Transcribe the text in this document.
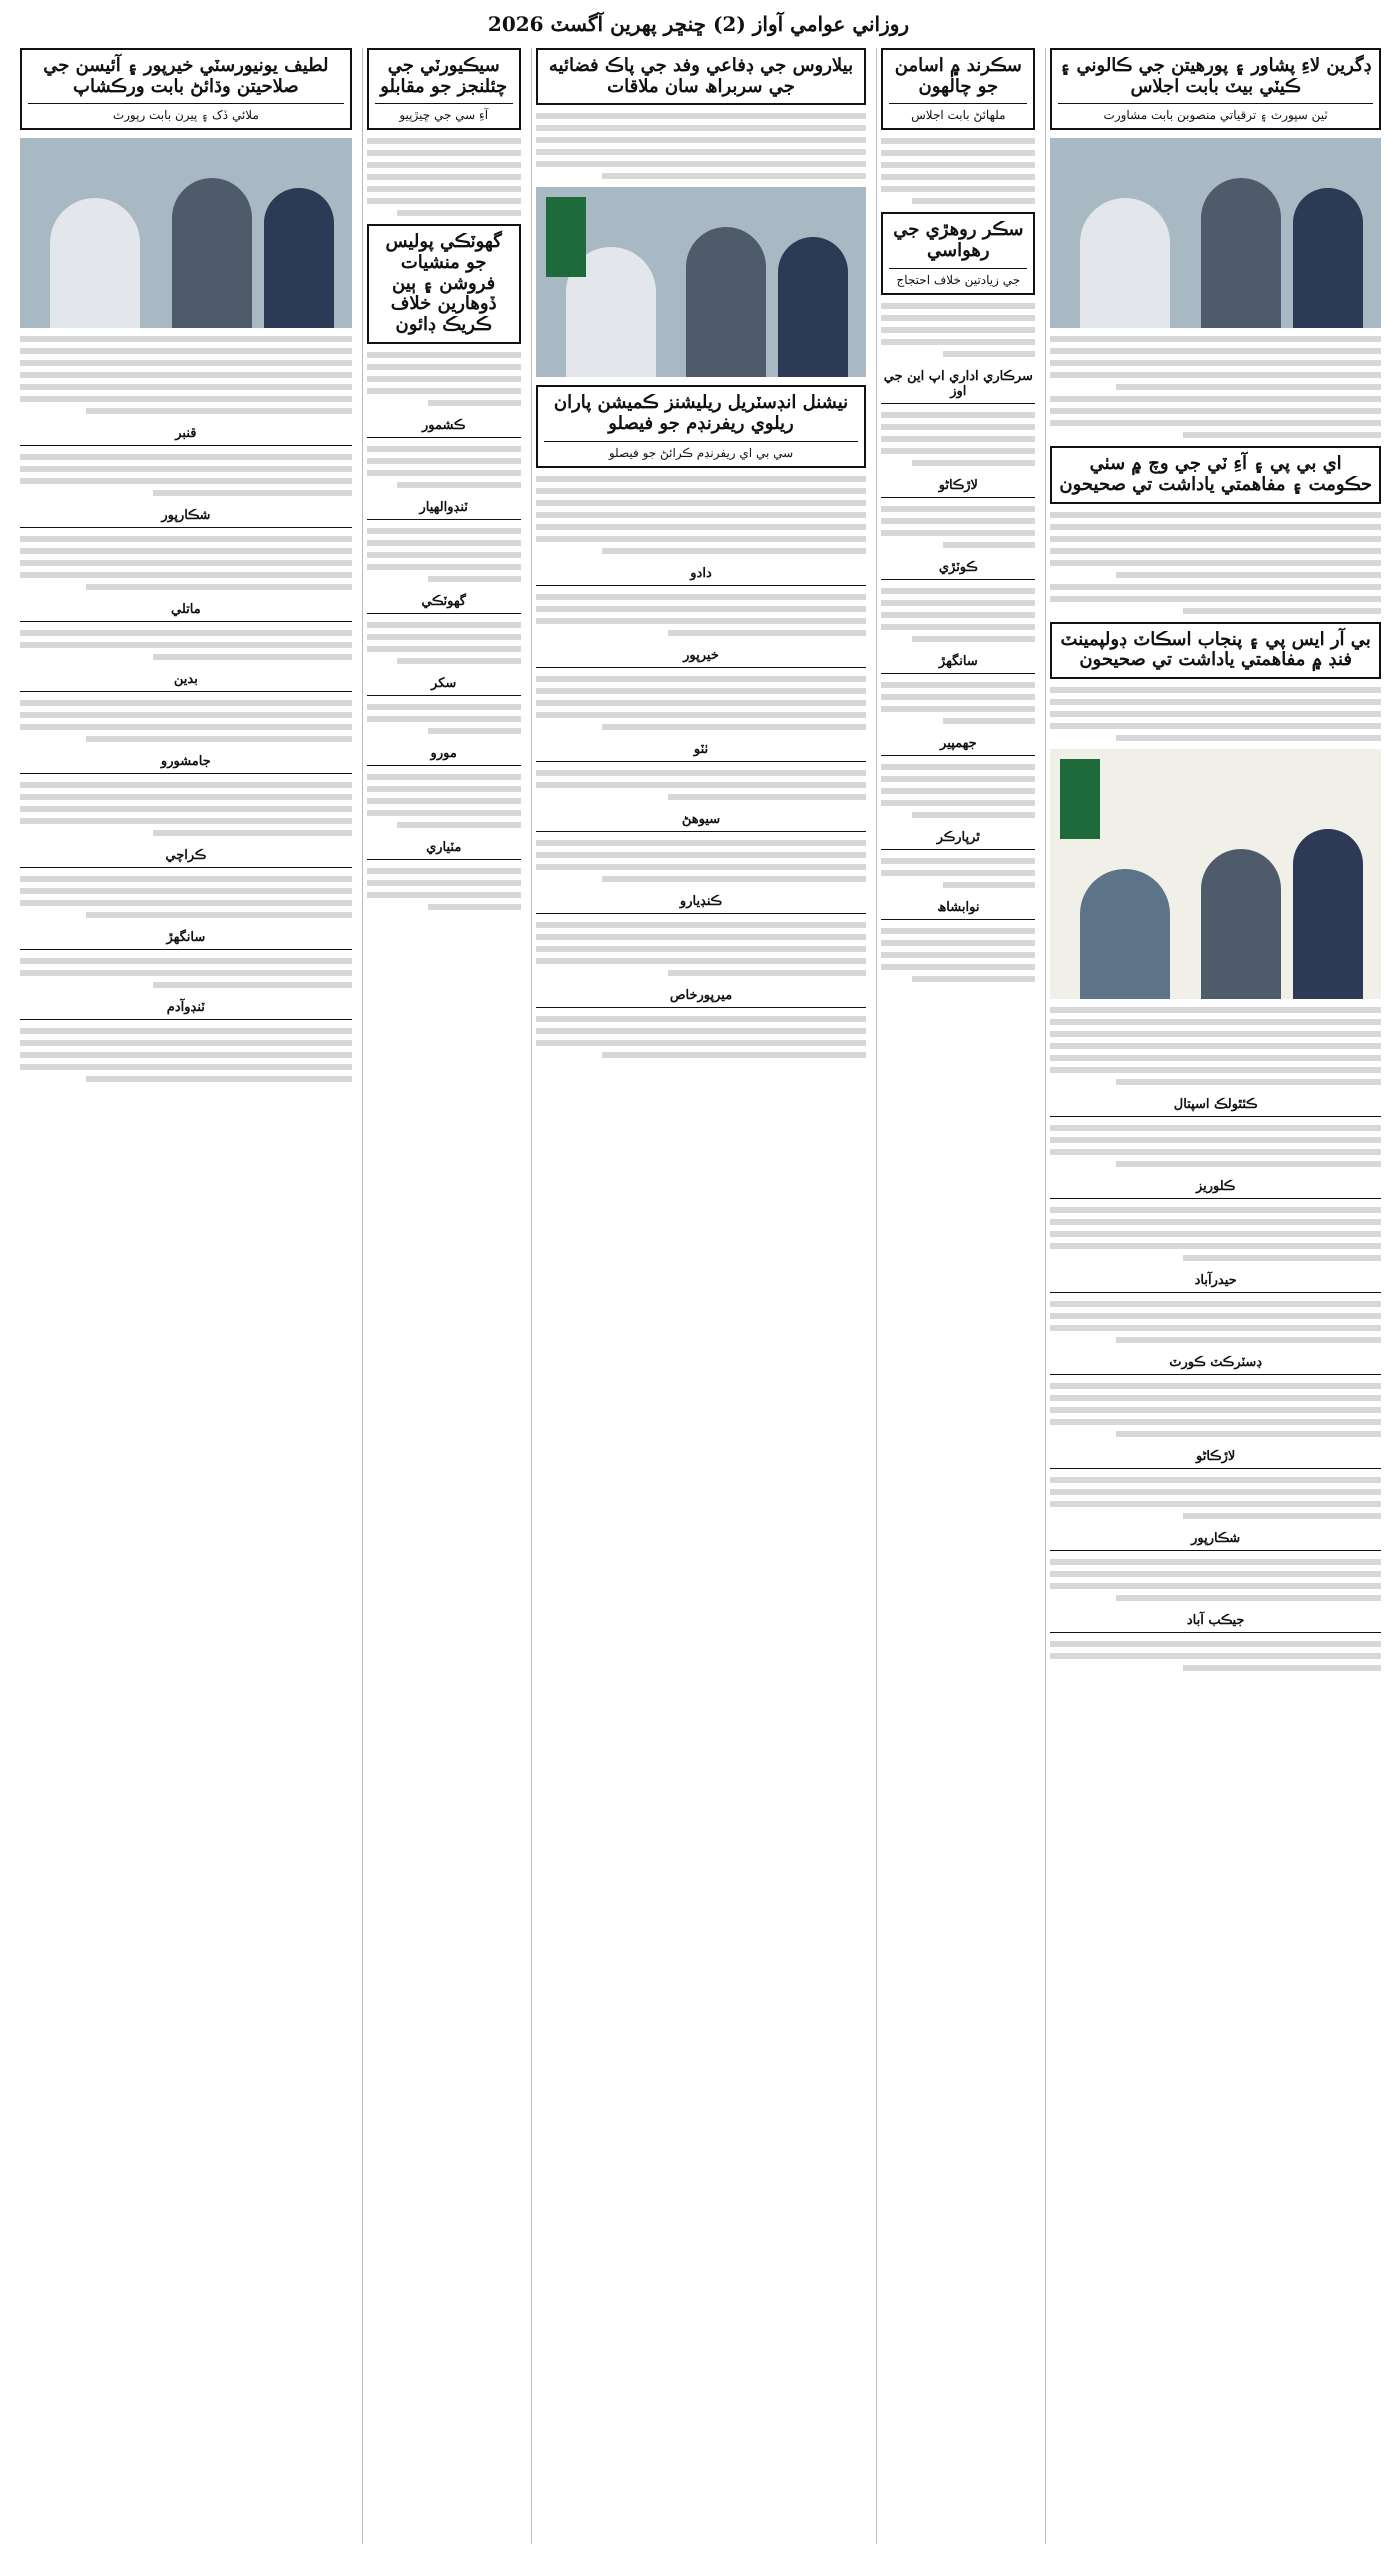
روزاني عوامي آواز (2) ڇنڇر پهرين آگسٽ 2026
ڊگرين لاءِ پشاور ۽ پورهيتن جي ڪالوني ۽ ڪيٽي بيٽ بابت اجلاس
ٽين سپورٽ ۽ ترقياتي منصوبن بابت مشاورت
اي بي پي ۽ آءِ ٽي جي وچ ۾ سٺي حڪومت ۽ مفاهمتي ياداشت تي صحيحون
بي آر ايس پي ۽ پنجاب اسڪاٽ ڊولپمينٽ فنڊ ۾ مفاهمتي ياداشت تي صحيحون
ڪئٿولڪ اسپتال
ڪلوريز
حيدرآباد
ڊسٽرڪٽ ڪورٽ
لاڙڪاڻو
شڪارپور
جيڪب آباد
سڪرند ۾ اسامن جو چالهون
ملهائڻ بابت اجلاس
سڪر روهڙي جي رهواسي
جي زيادتين خلاف احتجاج
سرڪاري اداري اپ اين جي اوز
لاڙڪاڻو
ڪوٽڙي
سانگهڙ
جهمپير
ٿرپارڪر
نوابشاھ
بيلاروس جي ڊفاعي وفد جي پاڪ فضائيه جي سربراھ سان ملاقات
نيشنل انڊسٽريل ريليشنز ڪميشن پاران ريلوي ريفرنڊم جو فيصلو
سي بي اي ريفرنڊم ڪرائڻ جو فيصلو
دادو
خيرپور
ٺٽو
سيوهڻ
ڪنڊيارو
ميرپورخاص
سيڪيورٽي جي چئلنجز جو مقابلو
آءِ سي جي ڇيڙپيو
گهوٽڪي پوليس جو منشيات فروشن ۽ ٻين ڏوهارين خلاف ڪريڪ ڊائون
ڪشمور
ٽنڊوالهيار
گهوٽڪي
سکر
مورو
مٽياري
لطيف يونيورسٽي خيرپور ۽ آئيسن جي صلاحيتن وڌائڻ بابت ورڪشاپ
ملائي ڏک ۽ پيرن بابت رپورٽ
قنبر
شڪارپور
ماتلي
بدين
جامشورو
ڪراچي
سانگهڙ
ٽنڊوآدم
